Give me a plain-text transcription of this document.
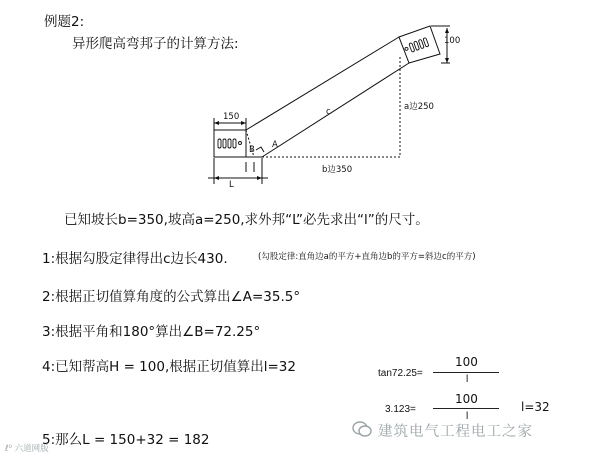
例题2:
异形爬高弯邦子的计算方法:
150
100
a边250
b边350
c
A
B
L
已知坡长b=350,坡高a=250,求外邦“L”必先求出“l”的尺寸。
1:根据勾股定律得出c边长430.	(勾股定律:直角边a的平方+直角边b的平方=斜边c的平方)
2:根据正切值算角度的公式算出∠A=35.5°
3:根据平角和180°算出∠B=72.25°
4:已知帮高H = 100,根据正切值算出l=32
5:那么L = 150+32 = 182
tan72.25=
100
l
3.123=
100
l
l=32
ℓ⁰ 六道网版
建筑电气工程电工之家
